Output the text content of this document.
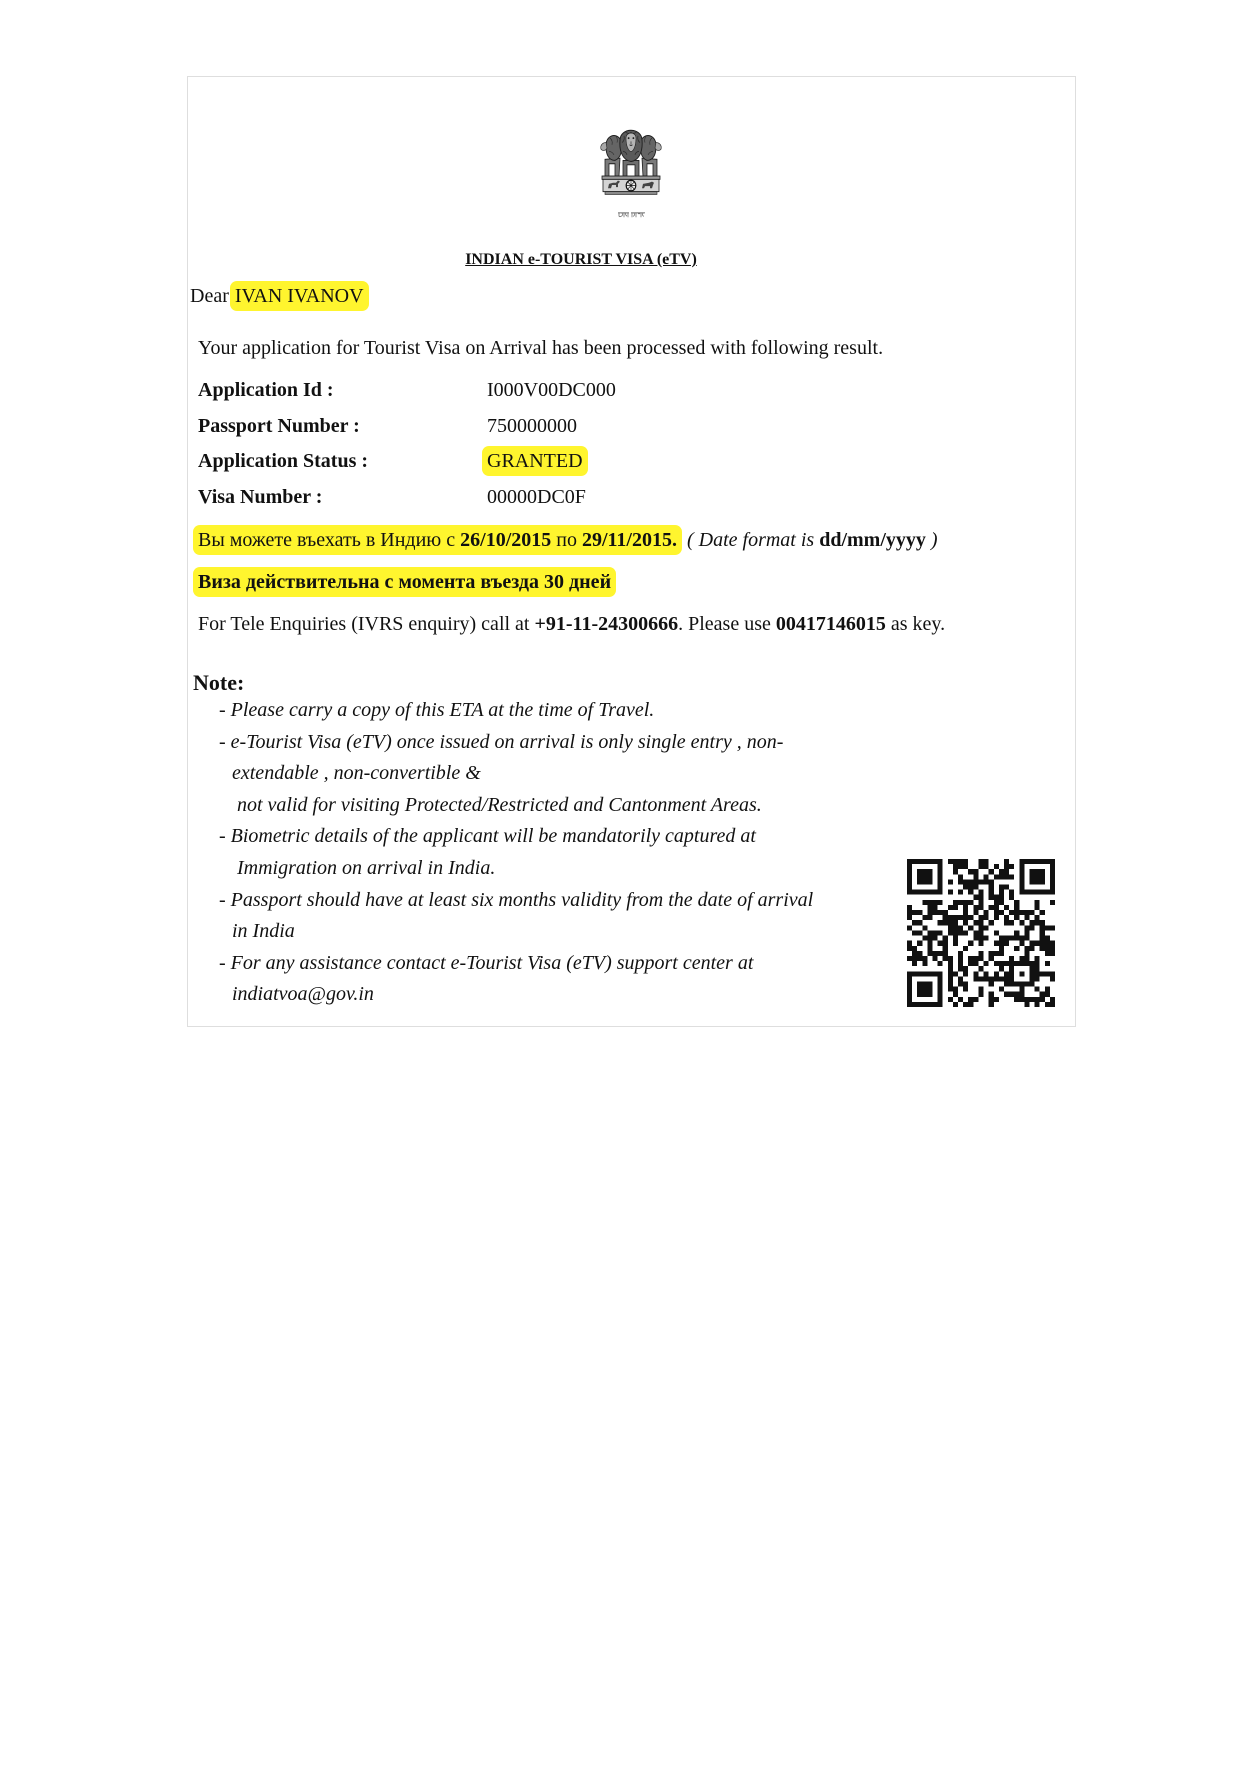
INDIAN e-TOURIST VISA (eTV)
Dear IVAN IVANOV
Your application for Tourist Visa on Arrival has been processed with following result.
Application Id :	I000V00DC000
Passport Number :	750000000
Application Status :	GRANTED
Visa Number :	00000DC0F
Вы можете въехать в Индию с 26/10/2015 по 29/11/2015. ( Date format is dd/mm/yyyy )
Виза действительна с момента въезда 30 дней
For Tele Enquiries (IVRS enquiry) call at +91-11-24300666. Please use 00417146015 as key.
Note:
- Please carry a copy of this ETA at the time of Travel.
- e-Tourist Visa (eTV) once issued on arrival is only single entry , non-
extendable , non-convertible &
not valid for visiting Protected/Restricted and Cantonment Areas.
- Biometric details of the applicant will be mandatorily captured at
Immigration on arrival in India.
- Passport should have at least six months validity from the date of arrival
in India
- For any assistance contact e-Tourist Visa (eTV) support center at
indiatvoa@gov.in
